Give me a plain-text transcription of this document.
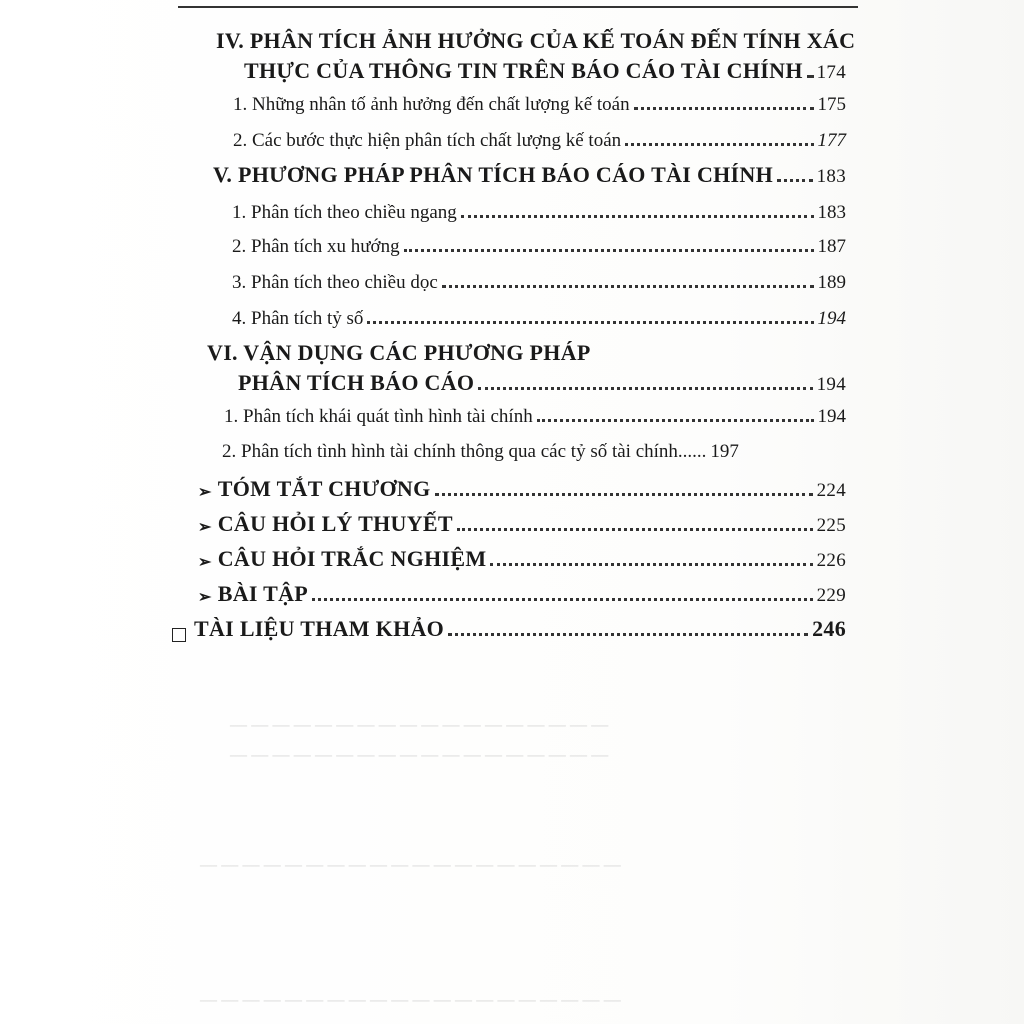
— — — — — — — — — — — — — — — — — —
— — — — — — — — — — — — — — — — — —
— — — — — — — — — — — — — — — — — — — —
— — — — — — — — — — — — — — — — — — — —
IV. PHÂN TÍCH ẢNH HƯỞNG CỦA KẾ TOÁN ĐẾN TÍNH XÁC
THỰC CỦA THÔNG TIN TRÊN BÁO CÁO TÀI CHÍNH 174
1. Những nhân tố ảnh hưởng đến chất lượng kế toán	175
2. Các bước thực hiện phân tích chất lượng kế toán	177
V. PHƯƠNG PHÁP PHÂN TÍCH BÁO CÁO TÀI CHÍNH 183
1. Phân tích theo chiều ngang	183
2. Phân tích xu hướng	187
3. Phân tích theo chiều dọc	189
4. Phân tích tỷ số	194
VI. VẬN DỤNG CÁC PHƯƠNG PHÁP
PHÂN TÍCH BÁO CÁO	194
1. Phân tích khái quát tình hình tài chính	194
2. Phân tích tình hình tài chính thông qua các tỷ số tài chính...... 197
➢ TÓM TẮT CHƯƠNG	224
➢ CÂU HỎI LÝ THUYẾT	225
➢ CÂU HỎI TRẮC NGHIỆM	226
➢ BÀI TẬP	229
TÀI LIỆU THAM KHẢO	246
